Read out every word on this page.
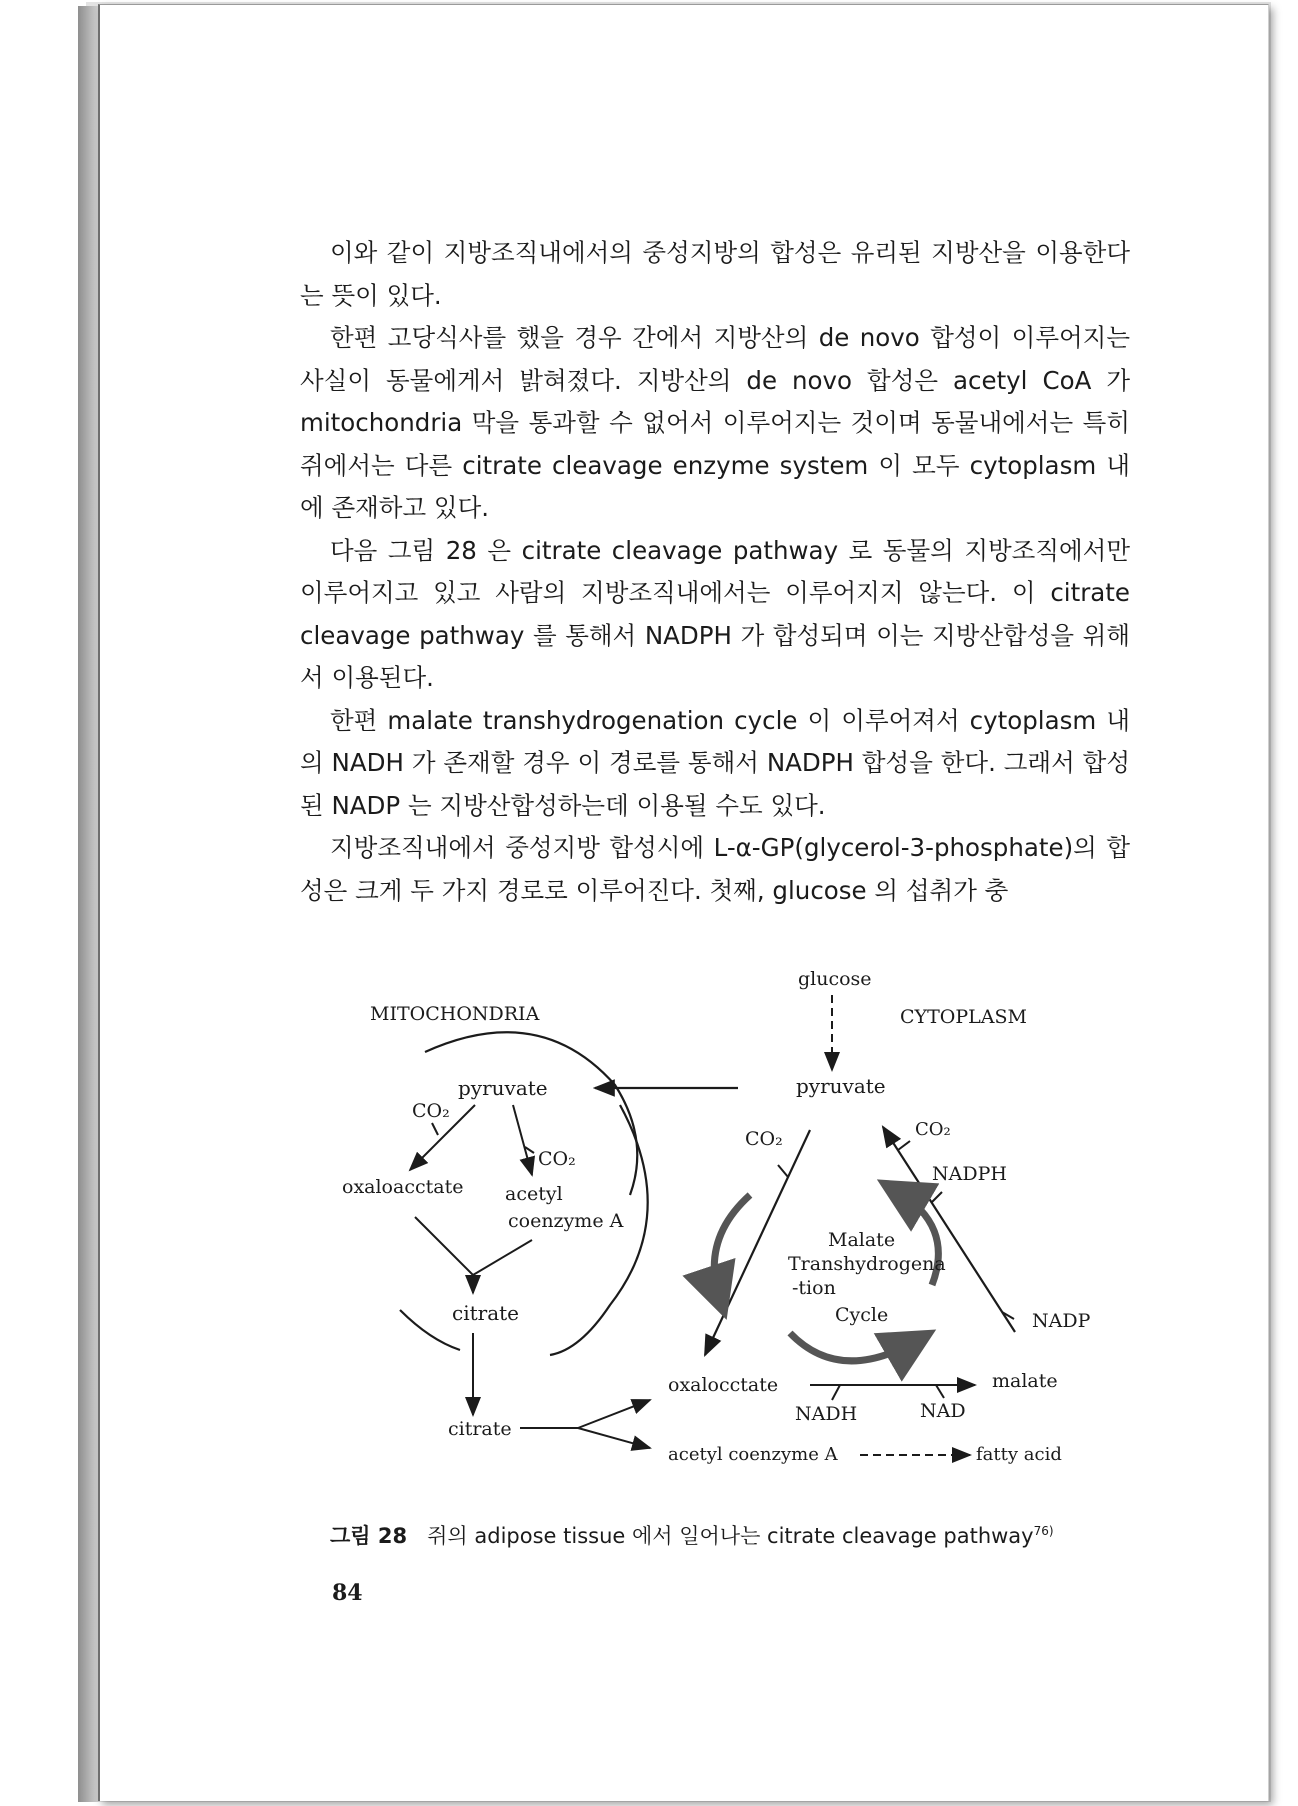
이와 같이 지방조직내에서의 중성지방의 합성은 유리된 지방산을 이용한다는 뜻이 있다.

한편 고당식사를 했을 경우 간에서 지방산의 de novo 합성이 이루어지는 사실이 동물에게서 밝혀졌다. 지방산의 de novo 합성은 acetyl CoA 가 mitochondria 막을 통과할 수 없어서 이루어지는 것이며 동물내에서는 특히 쥐에서는 다른 citrate cleavage enzyme system 이 모두 cytoplasm 내에 존재하고 있다.

다음 그림 28 은 citrate cleavage pathway 로 동물의 지방조직에서만 이루어지고 있고 사람의 지방조직내에서는 이루어지지 않는다. 이 citrate cleavage pathway 를 통해서 NADPH 가 합성되며 이는 지방산합성을 위해서 이용된다.

한편 malate transhydrogenation cycle 이 이루어져서 cytoplasm 내의 NADH 가 존재할 경우 이 경로를 통해서 NADPH 합성을 한다. 그래서 합성된 NADP 는 지방산합성하는데 이용될 수도 있다.

지방조직내에서 중성지방 합성시에 L-α-GP(glycerol-3-phosphate)의 합성은 크게 두 가지 경로로 이루어진다. 첫째, glucose 의 섭취가 충

MITOCHONDRIA	CYTOPLASM
glucose
pyruvate
pyruvate
CO₂
CO₂
oxaloacctate acetyl
coenzyme A
citrate
citrate
oxalocctate
acetyl coenzyme A	fatty acid
NADH	NAD
malate
CO₂	CO₂
NADPH
NADP
Malate
Transhydrogena
-tion
Cycle
그림 28 쥐의 adipose tissue 에서 일어나는 citrate cleavage pathway$^{76)}$
84
